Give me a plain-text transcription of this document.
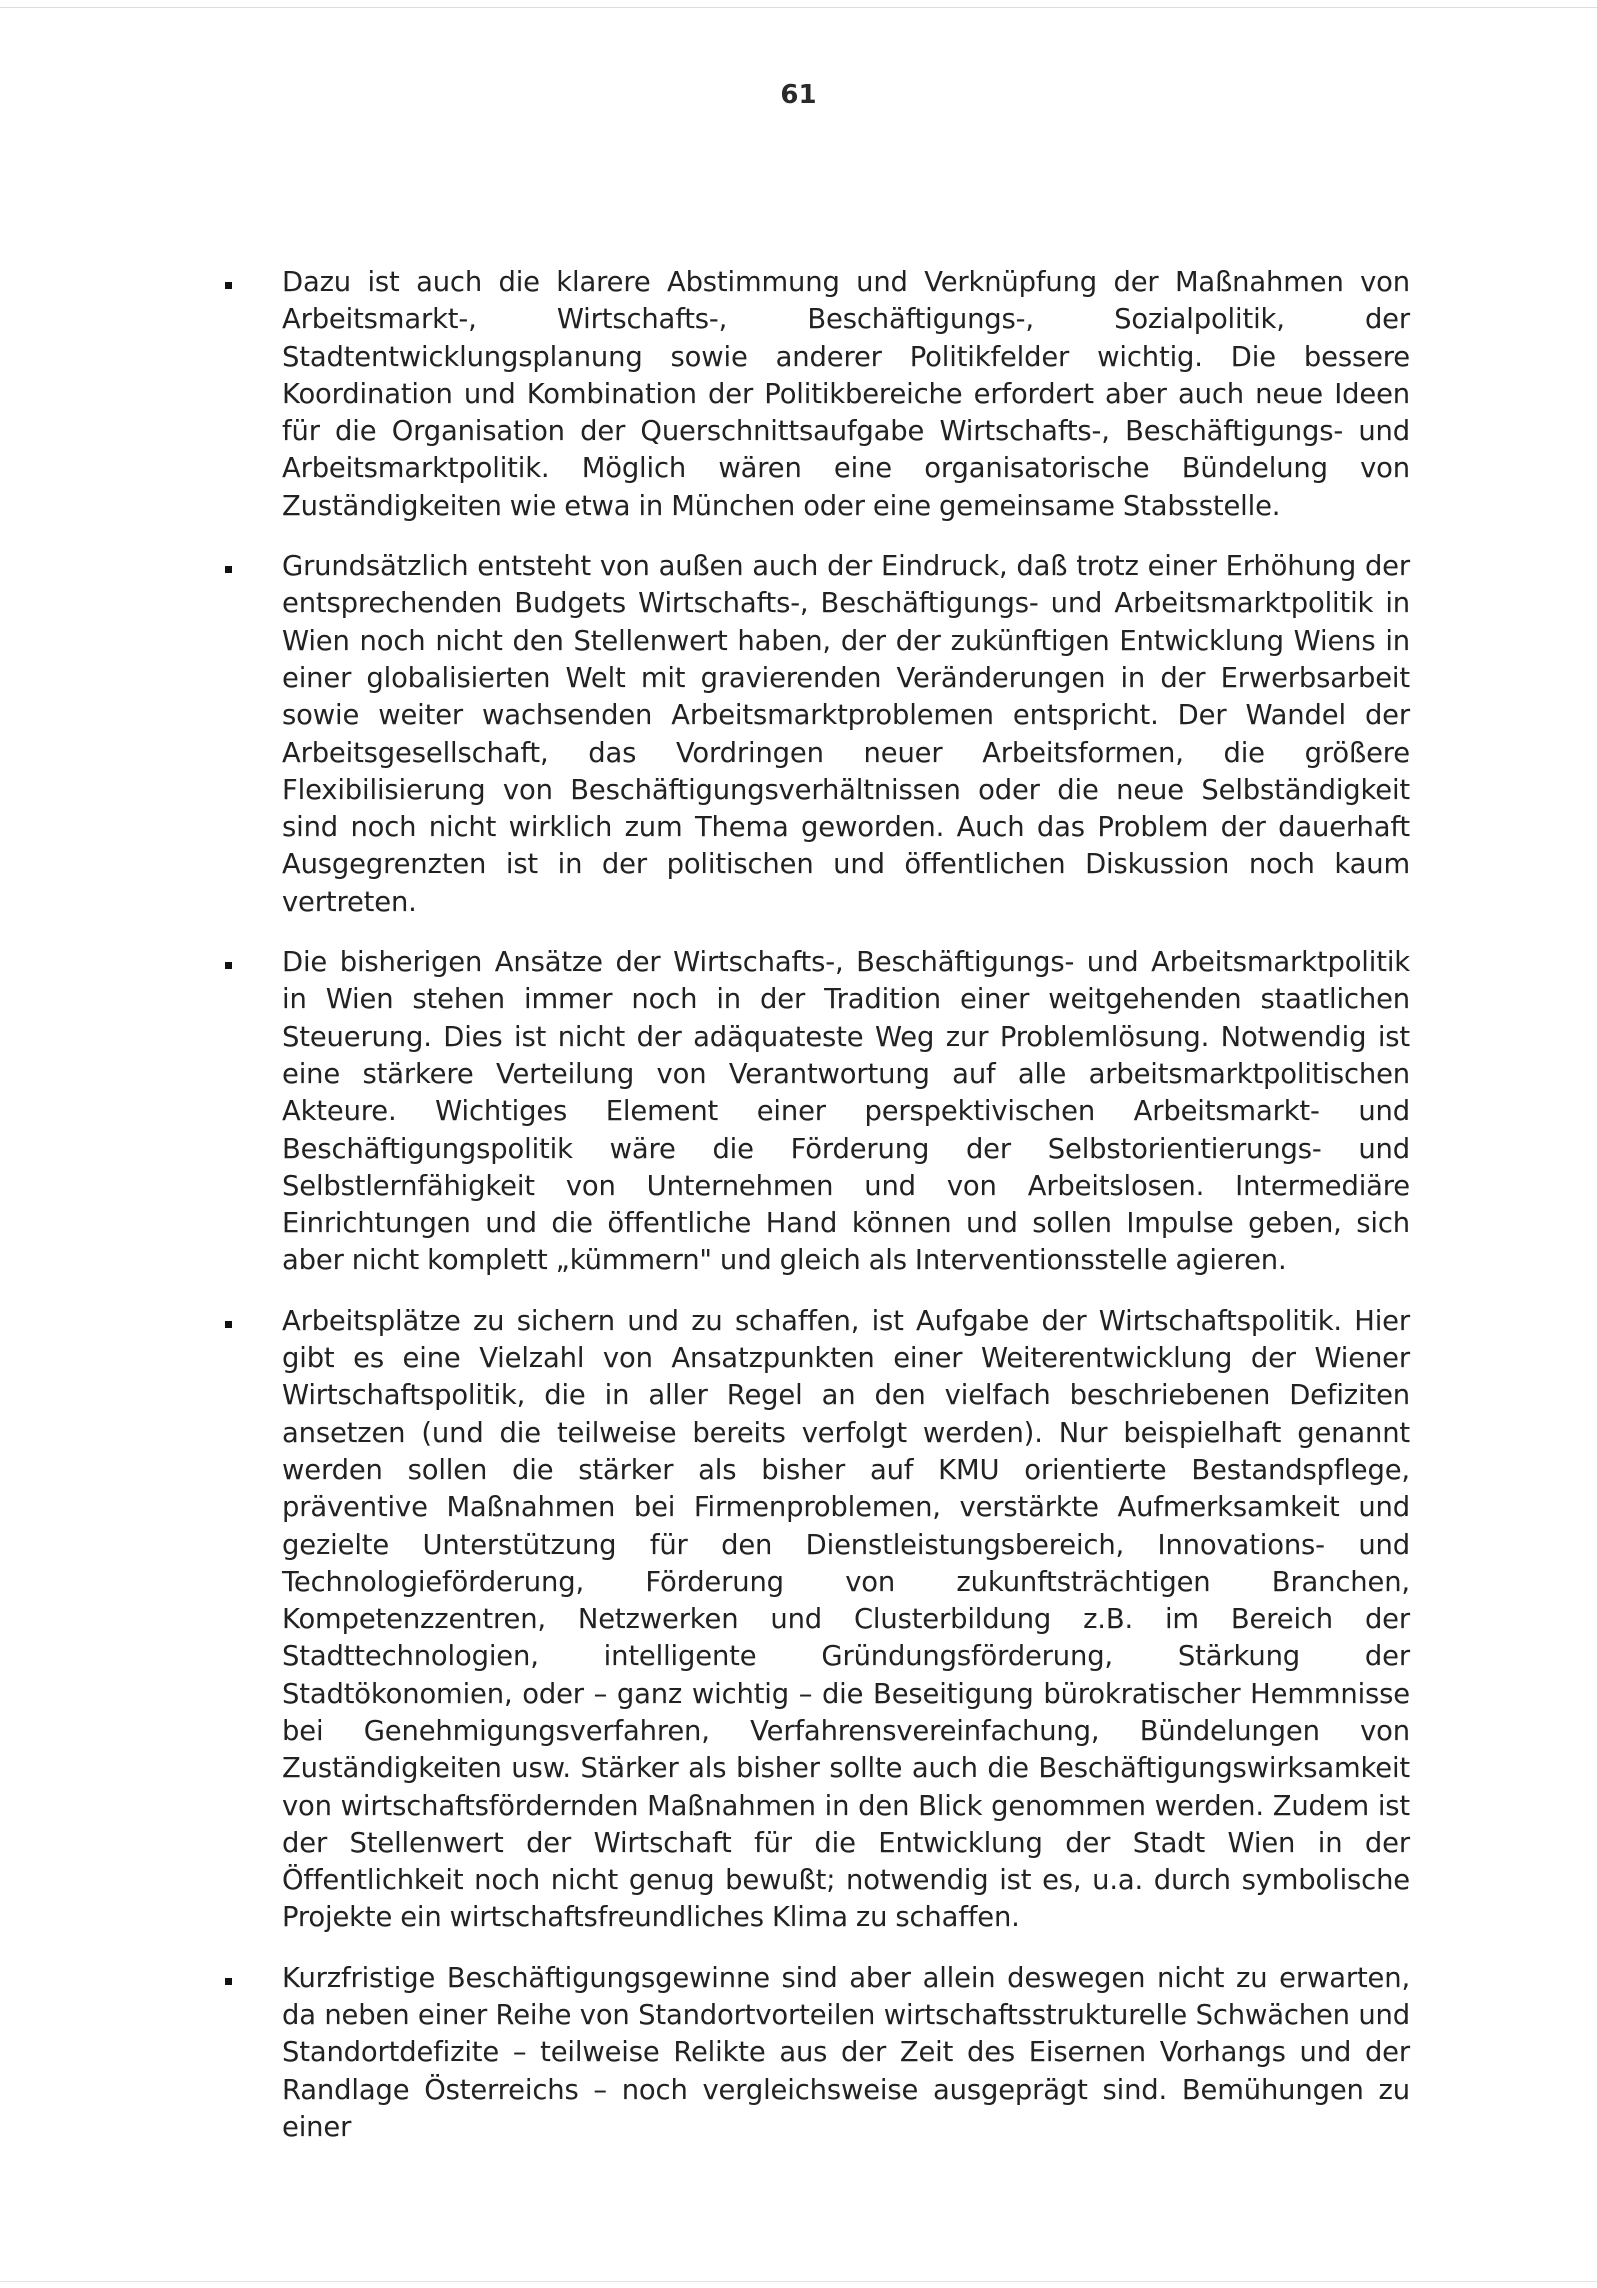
61

Dazu ist auch die klarere Abstimmung und Verknüpfung der Maßnahmen von Arbeitsmarkt-, Wirtschafts-, Beschäftigungs-, Sozialpolitik, der Stadtentwicklungsplanung sowie anderer Politikfelder wichtig. Die bessere Koordination und Kombination der Politikbereiche erfordert aber auch neue Ideen für die Organisation der Querschnittsaufgabe Wirtschafts-, Beschäftigungs- und Arbeitsmarktpolitik. Möglich wären eine organisatorische Bündelung von Zuständigkeiten wie etwa in München oder eine gemeinsame Stabsstelle.

Grundsätzlich entsteht von außen auch der Eindruck, daß trotz einer Erhöhung der entsprechenden Budgets Wirtschafts-, Beschäftigungs- und Arbeitsmarktpolitik in Wien noch nicht den Stellenwert haben, der der zukünftigen Entwicklung Wiens in einer globalisierten Welt mit gravierenden Veränderungen in der Erwerbsarbeit sowie weiter wachsenden Arbeitsmarktproblemen entspricht. Der Wandel der Arbeitsgesellschaft, das Vordringen neuer Arbeitsformen, die größere Flexibilisierung von Beschäftigungsverhältnissen oder die neue Selbständigkeit sind noch nicht wirklich zum Thema geworden. Auch das Problem der dauerhaft Ausgegrenzten ist in der politischen und öffentlichen Diskussion noch kaum vertreten.

Die bisherigen Ansätze der Wirtschafts-, Beschäftigungs- und Arbeitsmarktpolitik in Wien stehen immer noch in der Tradition einer weitgehenden staatlichen Steuerung. Dies ist nicht der adäquateste Weg zur Problemlösung. Notwendig ist eine stärkere Verteilung von Verantwortung auf alle arbeitsmarktpolitischen Akteure. Wichtiges Element einer perspektivischen Arbeitsmarkt- und Beschäftigungspolitik wäre die Förderung der Selbstorientierungs- und Selbstlernfähigkeit von Unternehmen und von Arbeitslosen. Intermediäre Einrichtungen und die öffentliche Hand können und sollen Impulse geben, sich aber nicht komplett „kümmern" und gleich als Interventionsstelle agieren.

Arbeitsplätze zu sichern und zu schaffen, ist Aufgabe der Wirtschaftspolitik. Hier gibt es eine Vielzahl von Ansatzpunkten einer Weiterentwicklung der Wiener Wirtschaftspolitik, die in aller Regel an den vielfach beschriebenen Defiziten ansetzen (und die teilweise bereits verfolgt werden). Nur beispielhaft genannt werden sollen die stärker als bisher auf KMU orientierte Bestandspflege, präventive Maßnahmen bei Firmenproblemen, verstärkte Aufmerksamkeit und gezielte Unterstützung für den Dienstleistungsbereich, Innovations- und Technologieförderung, Förderung von zukunftsträchtigen Branchen, Kompetenzzentren, Netzwerken und Clusterbildung z.B. im Bereich der Stadttechnologien, intelligente Gründungsförderung, Stärkung der Stadtökonomien, oder – ganz wichtig – die Beseitigung bürokratischer Hemmnisse bei Genehmigungsverfahren, Verfahrensvereinfachung, Bündelungen von Zuständigkeiten usw. Stärker als bisher sollte auch die Beschäftigungswirksamkeit von wirtschaftsfördernden Maßnahmen in den Blick genommen werden. Zudem ist der Stellenwert der Wirtschaft für die Entwicklung der Stadt Wien in der Öffentlichkeit noch nicht genug bewußt; notwendig ist es, u.a. durch symbolische Projekte ein wirtschaftsfreundliches Klima zu schaffen.

Kurzfristige Beschäftigungsgewinne sind aber allein deswegen nicht zu erwarten, da neben einer Reihe von Standortvorteilen wirtschaftsstrukturelle Schwächen und Standortdefizite – teilweise Relikte aus der Zeit des Eisernen Vorhangs und der Randlage Österreichs – noch vergleichsweise ausgeprägt sind. Bemühungen zu einer
